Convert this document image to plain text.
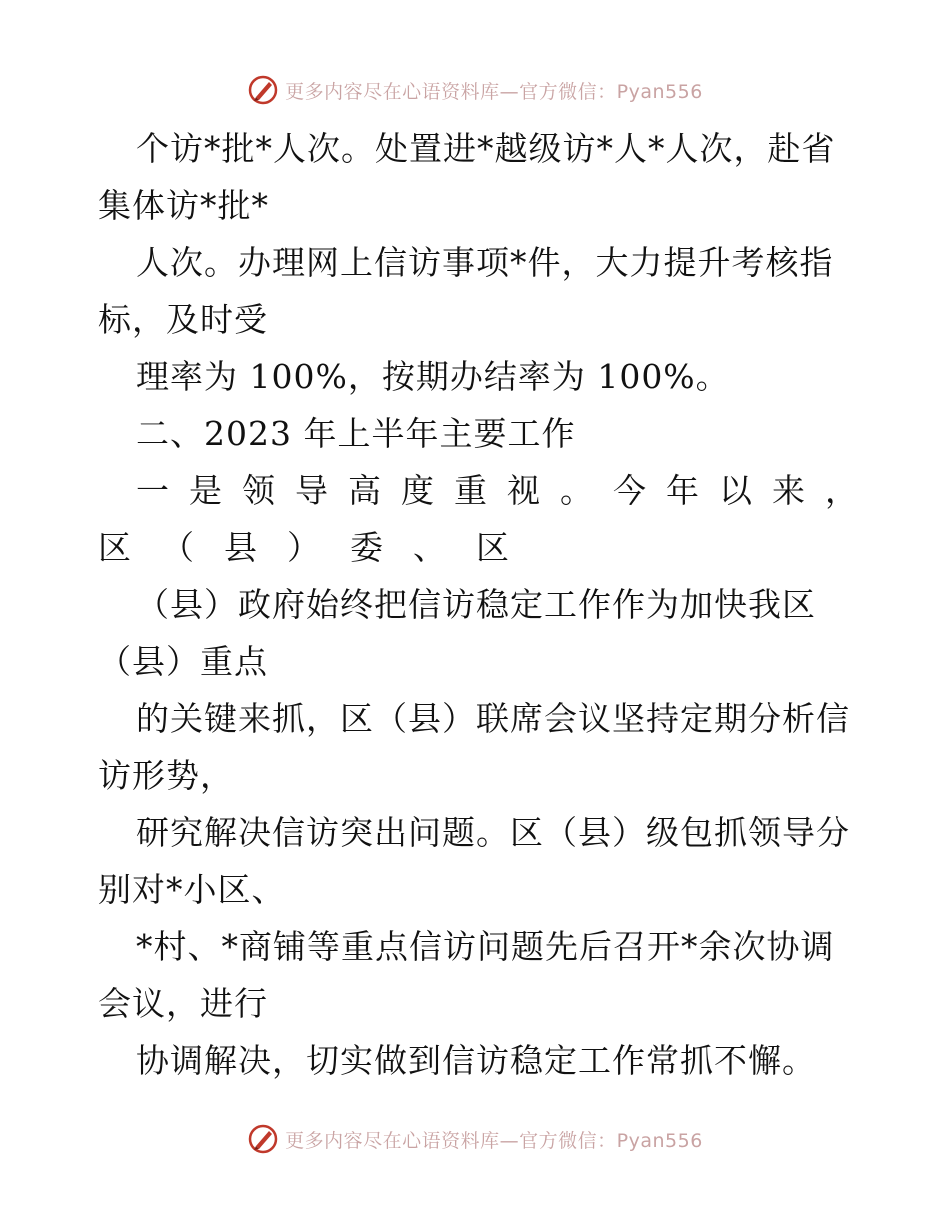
更多内容尽在心语资料库—官方微信：Pyan556
个访*批*人次。处置进*越级访*人*人次，赴省
集体访*批*
人次。办理网上信访事项*件，大力提升考核指
标，及时受
理率为 100%，按期办结率为 100%。
二、2023 年上半年主要工作
一是领导高度重视。今年以来，
区（县）委、区
（县）政府始终把信访稳定工作作为加快我区
（县）重点
的关键来抓，区（县）联席会议坚持定期分析信
访形势，
研究解决信访突出问题。区（县）级包抓领导分
别对*小区、
*村、*商铺等重点信访问题先后召开*余次协调
会议，进行
协调解决，切实做到信访稳定工作常抓不懈。
更多内容尽在心语资料库—官方微信：Pyan556
